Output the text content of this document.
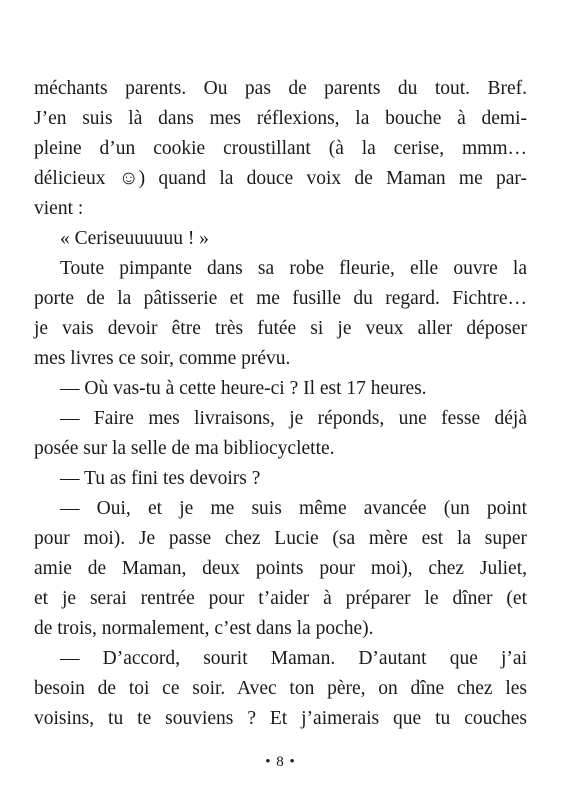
méchants parents. Ou pas de parents du tout. Bref.
J’en suis là dans mes réflexions, la bouche à demi-
pleine d’un cookie croustillant (à la cerise, mmm…
délicieux ☺) quand la douce voix de Maman me par-
vient :
« Ceriseuuuuuu ! »
Toute pimpante dans sa robe fleurie, elle ouvre la
porte de la pâtisserie et me fusille du regard. Fichtre…
je vais devoir être très futée si je veux aller déposer
mes livres ce soir, comme prévu.
— Où vas-tu à cette heure-ci ? Il est 17 heures.
— Faire mes livraisons, je réponds, une fesse déjà
posée sur la selle de ma bibliocyclette.
— Tu as fini tes devoirs ?
— Oui, et je me suis même avancée (un point
pour moi). Je passe chez Lucie (sa mère est la super
amie de Maman, deux points pour moi), chez Juliet,
et je serai rentrée pour t’aider à préparer le dîner (et
de trois, normalement, c’est dans la poche).
— D’accord, sourit Maman. D’autant que j’ai
besoin de toi ce soir. Avec ton père, on dîne chez les
voisins, tu te souviens ? Et j’aimerais que tu couches
• 8 •
